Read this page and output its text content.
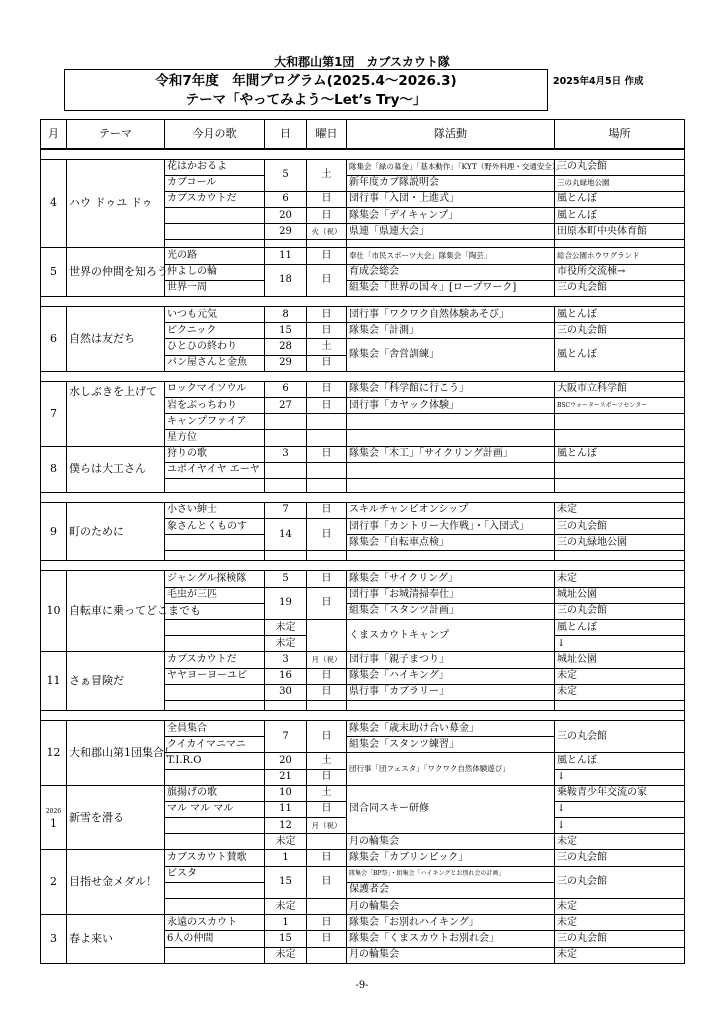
大和郡山第1団　カブスカウト隊
令和7年度　年間プログラム(2025.4～2026.3)
テーマ「やってみよう～Let’s Try～」
2025年4月5日 作成
月	テーマ	今月の歌	日	曜日	隊活動	場所

4	ハウ ドゥユ ドゥ	花はかおるよ	5	土	隊集会「緑の募金」「基本動作」「KYT（野外料理・交通安全）」	三の丸会館
		カブコール			新年度カブ隊説明会	三の丸緑地公園
		カブスカウトだ	6	日	団行事「入団・上進式」	風とんぼ
			20	日	隊集会「デイキャンプ」	風とんぼ
			29	火（祝）	県連「県連大会」	田原本町中央体育館

5	世界の仲間を知ろう	光の路	11	日	奉仕「市民スポーツ大会」隊集会「陶芸」	総合公園ホウワグランド
		仲よしの輪	18	日	育成会総会	市役所交流棟→
		世界一周			組集会「世界の国々」[ロープワーク]	三の丸会館

6	自然は友だち	いつも元気	8	日	団行事「ワクワク自然体験あそび」	風とんぼ
		ピクニック	15	日	隊集会「計測」	三の丸会館
		ひとひの終わり	28	土	隊集会「舎営訓練」	風とんぼ
		パン屋さんと金魚	29	日		

7	水しぶきを上げて	ロックマイソウル	6	日	隊集会「科学館に行こう」	大阪市立科学館
		岩をぶっちわり	27	日	団行事「カヤック体験」	BSCウォータースポーツセンター
		キャンプファイア				
		星方位				
8	僕らは大工さん	狩りの歌	3	日	隊集会「木工」「サイクリング計画」	風とんぼ
		ユポイヤイヤ エーヤ				

9	町のために	小さい紳士	7	日	スキルチャンピオンシップ	未定
		象さんとくものす	14	日	団行事「カントリー大作戦」・「入団式」	三の丸会館
					隊集会「自転車点検」	三の丸緑地公園

10	自転車に乗ってどこまでも	ジャングル探検隊	5	日	隊集会「サイクリング」	未定
		毛虫が三匹	19	日	団行事「お城清掃奉仕」	城址公園
					組集会「スタンツ計画」	三の丸会館
			未定		くまスカウトキャンプ	風とんぼ
			未定			↓
11	さぁ冒険だ	カブスカウトだ	3	月（祝）	団行事「親子まつり」	城址公園
		ヤヤヨーヨーユピ	16	日	隊集会「ハイキング」	未定
			30	日	県行事「カブラリー」	未定

12	大和郡山第1団集合！	全員集合	7	日	隊集会「歳末助け合い募金」	三の丸会館
		クイカイマニマニ			組集会「スタンツ練習」	
		T.I.R.O	20	土	団行事「団フェスタ」「ワクワク自然体験遊び」	風とんぼ
			21	日		↓

2026
1	新雪を滑る	旗揚げの歌	10	土	団合同スキー研修	乗鞍青少年交流の家
		マル マル マル	11	日		↓
			12	月（祝）		↓
			未定		月の輪集会	未定
2	目指せ金メダル！	カブスカウト賛歌	1	日	隊集会「カブリンピック」	三の丸会館
		ビスタ	15	日	隊集会「BP祭」・組集会「ハイキングとお別れ会の計画」	三の丸会館
					保護者会	
			未定		月の輪集会	未定
3	春よ来い	永遠のスカウト	1	日	隊集会「お別れハイキング」	未定
		6人の仲間	15	日	隊集会「くまスカウトお別れ会」	三の丸会館
			未定		月の輪集会	未定
-9-
